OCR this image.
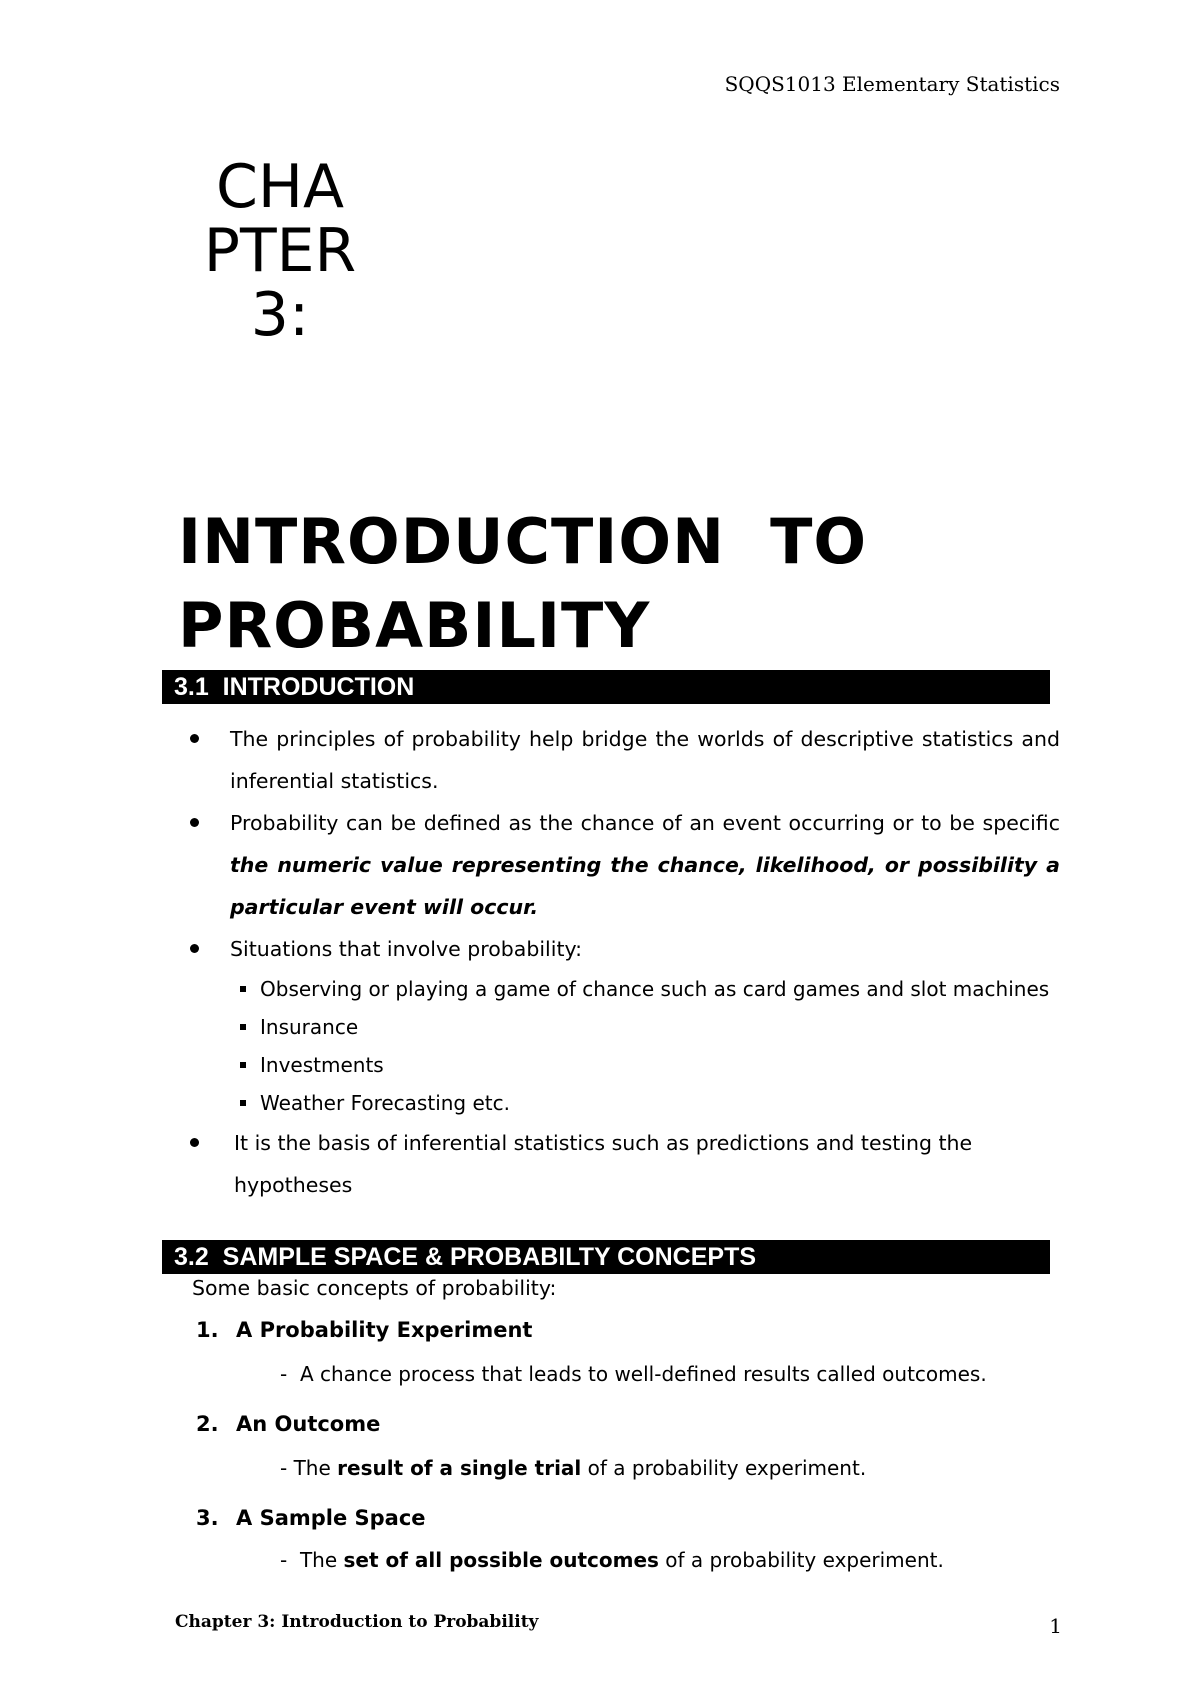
SQQS1013 Elementary Statistics
CHA
PTER
3:
INTRODUCTION  TO
PROBABILITY
3.1  INTRODUCTION
The principles of probability help bridge the worlds of descriptive statistics and inferential statistics.
Probability can be defined as the chance of an event occurring or to be specific the numeric value representing the chance, likelihood, or possibility a particular event will occur.
Situations that involve probability:
Observing or playing a game of chance such as card games and slot machines
Insurance
Investments
Weather Forecasting etc.
It is the basis of inferential statistics such as predictions and testing the hypotheses
3.2  SAMPLE SPACE & PROBABILTY CONCEPTS
Some basic concepts of probability:
1. A Probability Experiment
-  A chance process that leads to well-defined results called outcomes.
2. An Outcome
- The result of a single trial of a probability experiment.
3. A Sample Space
-  The set of all possible outcomes of a probability experiment.
Chapter 3: Introduction to Probability	1
